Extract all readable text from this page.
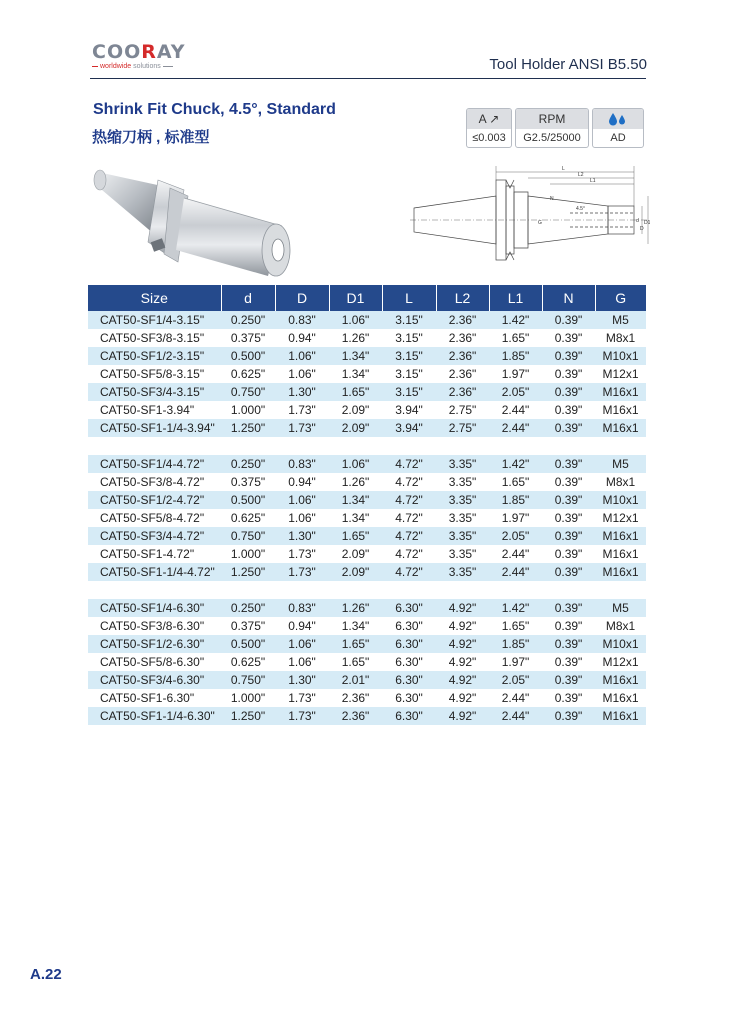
COORAY
worldwide solutions	Tool Holder ANSI B5.50
Shrink Fit Chuck, 4.5°, Standard
热缩刀柄 , 标准型
A ↗
≤0.003
RPM
G2.5/25000	AD
L
L2
L1
N
G	d
D
D1
4.5°
Size	d	D	D1	L	L2	L1	N	G
CAT50-SF1/4-3.15"	0.250"	0.83"	1.06"	3.15"	2.36"	1.42"	0.39"	M5
CAT50-SF3/8-3.15"	0.375"	0.94"	1.26"	3.15"	2.36"	1.65"	0.39"	M8x1
CAT50-SF1/2-3.15"	0.500"	1.06"	1.34"	3.15"	2.36"	1.85"	0.39"	M10x1
CAT50-SF5/8-3.15"	0.625"	1.06"	1.34"	3.15"	2.36"	1.97"	0.39"	M12x1
CAT50-SF3/4-3.15"	0.750"	1.30"	1.65"	3.15"	2.36"	2.05"	0.39"	M16x1
CAT50-SF1-3.94"	1.000"	1.73"	2.09"	3.94"	2.75"	2.44"	0.39"	M16x1
CAT50-SF1-1/4-3.94"	1.250"	1.73"	2.09"	3.94"	2.75"	2.44"	0.39"	M16x1

CAT50-SF1/4-4.72"	0.250"	0.83"	1.06"	4.72"	3.35"	1.42"	0.39"	M5
CAT50-SF3/8-4.72"	0.375"	0.94"	1.26"	4.72"	3.35"	1.65"	0.39"	M8x1
CAT50-SF1/2-4.72"	0.500"	1.06"	1.34"	4.72"	3.35"	1.85"	0.39"	M10x1
CAT50-SF5/8-4.72"	0.625"	1.06"	1.34"	4.72"	3.35"	1.97"	0.39"	M12x1
CAT50-SF3/4-4.72"	0.750"	1.30"	1.65"	4.72"	3.35"	2.05"	0.39"	M16x1
CAT50-SF1-4.72"	1.000"	1.73"	2.09"	4.72"	3.35"	2.44"	0.39"	M16x1
CAT50-SF1-1/4-4.72"	1.250"	1.73"	2.09"	4.72"	3.35"	2.44"	0.39"	M16x1

CAT50-SF1/4-6.30"	0.250"	0.83"	1.26"	6.30"	4.92"	1.42"	0.39"	M5
CAT50-SF3/8-6.30"	0.375"	0.94"	1.34"	6.30"	4.92"	1.65"	0.39"	M8x1
CAT50-SF1/2-6.30"	0.500"	1.06"	1.65"	6.30"	4.92"	1.85"	0.39"	M10x1
CAT50-SF5/8-6.30"	0.625"	1.06"	1.65"	6.30"	4.92"	1.97"	0.39"	M12x1
CAT50-SF3/4-6.30"	0.750"	1.30"	2.01"	6.30"	4.92"	2.05"	0.39"	M16x1
CAT50-SF1-6.30"	1.000"	1.73"	2.36"	6.30"	4.92"	2.44"	0.39"	M16x1
CAT50-SF1-1/4-6.30"	1.250"	1.73"	2.36"	6.30"	4.92"	2.44"	0.39"	M16x1
A.22
